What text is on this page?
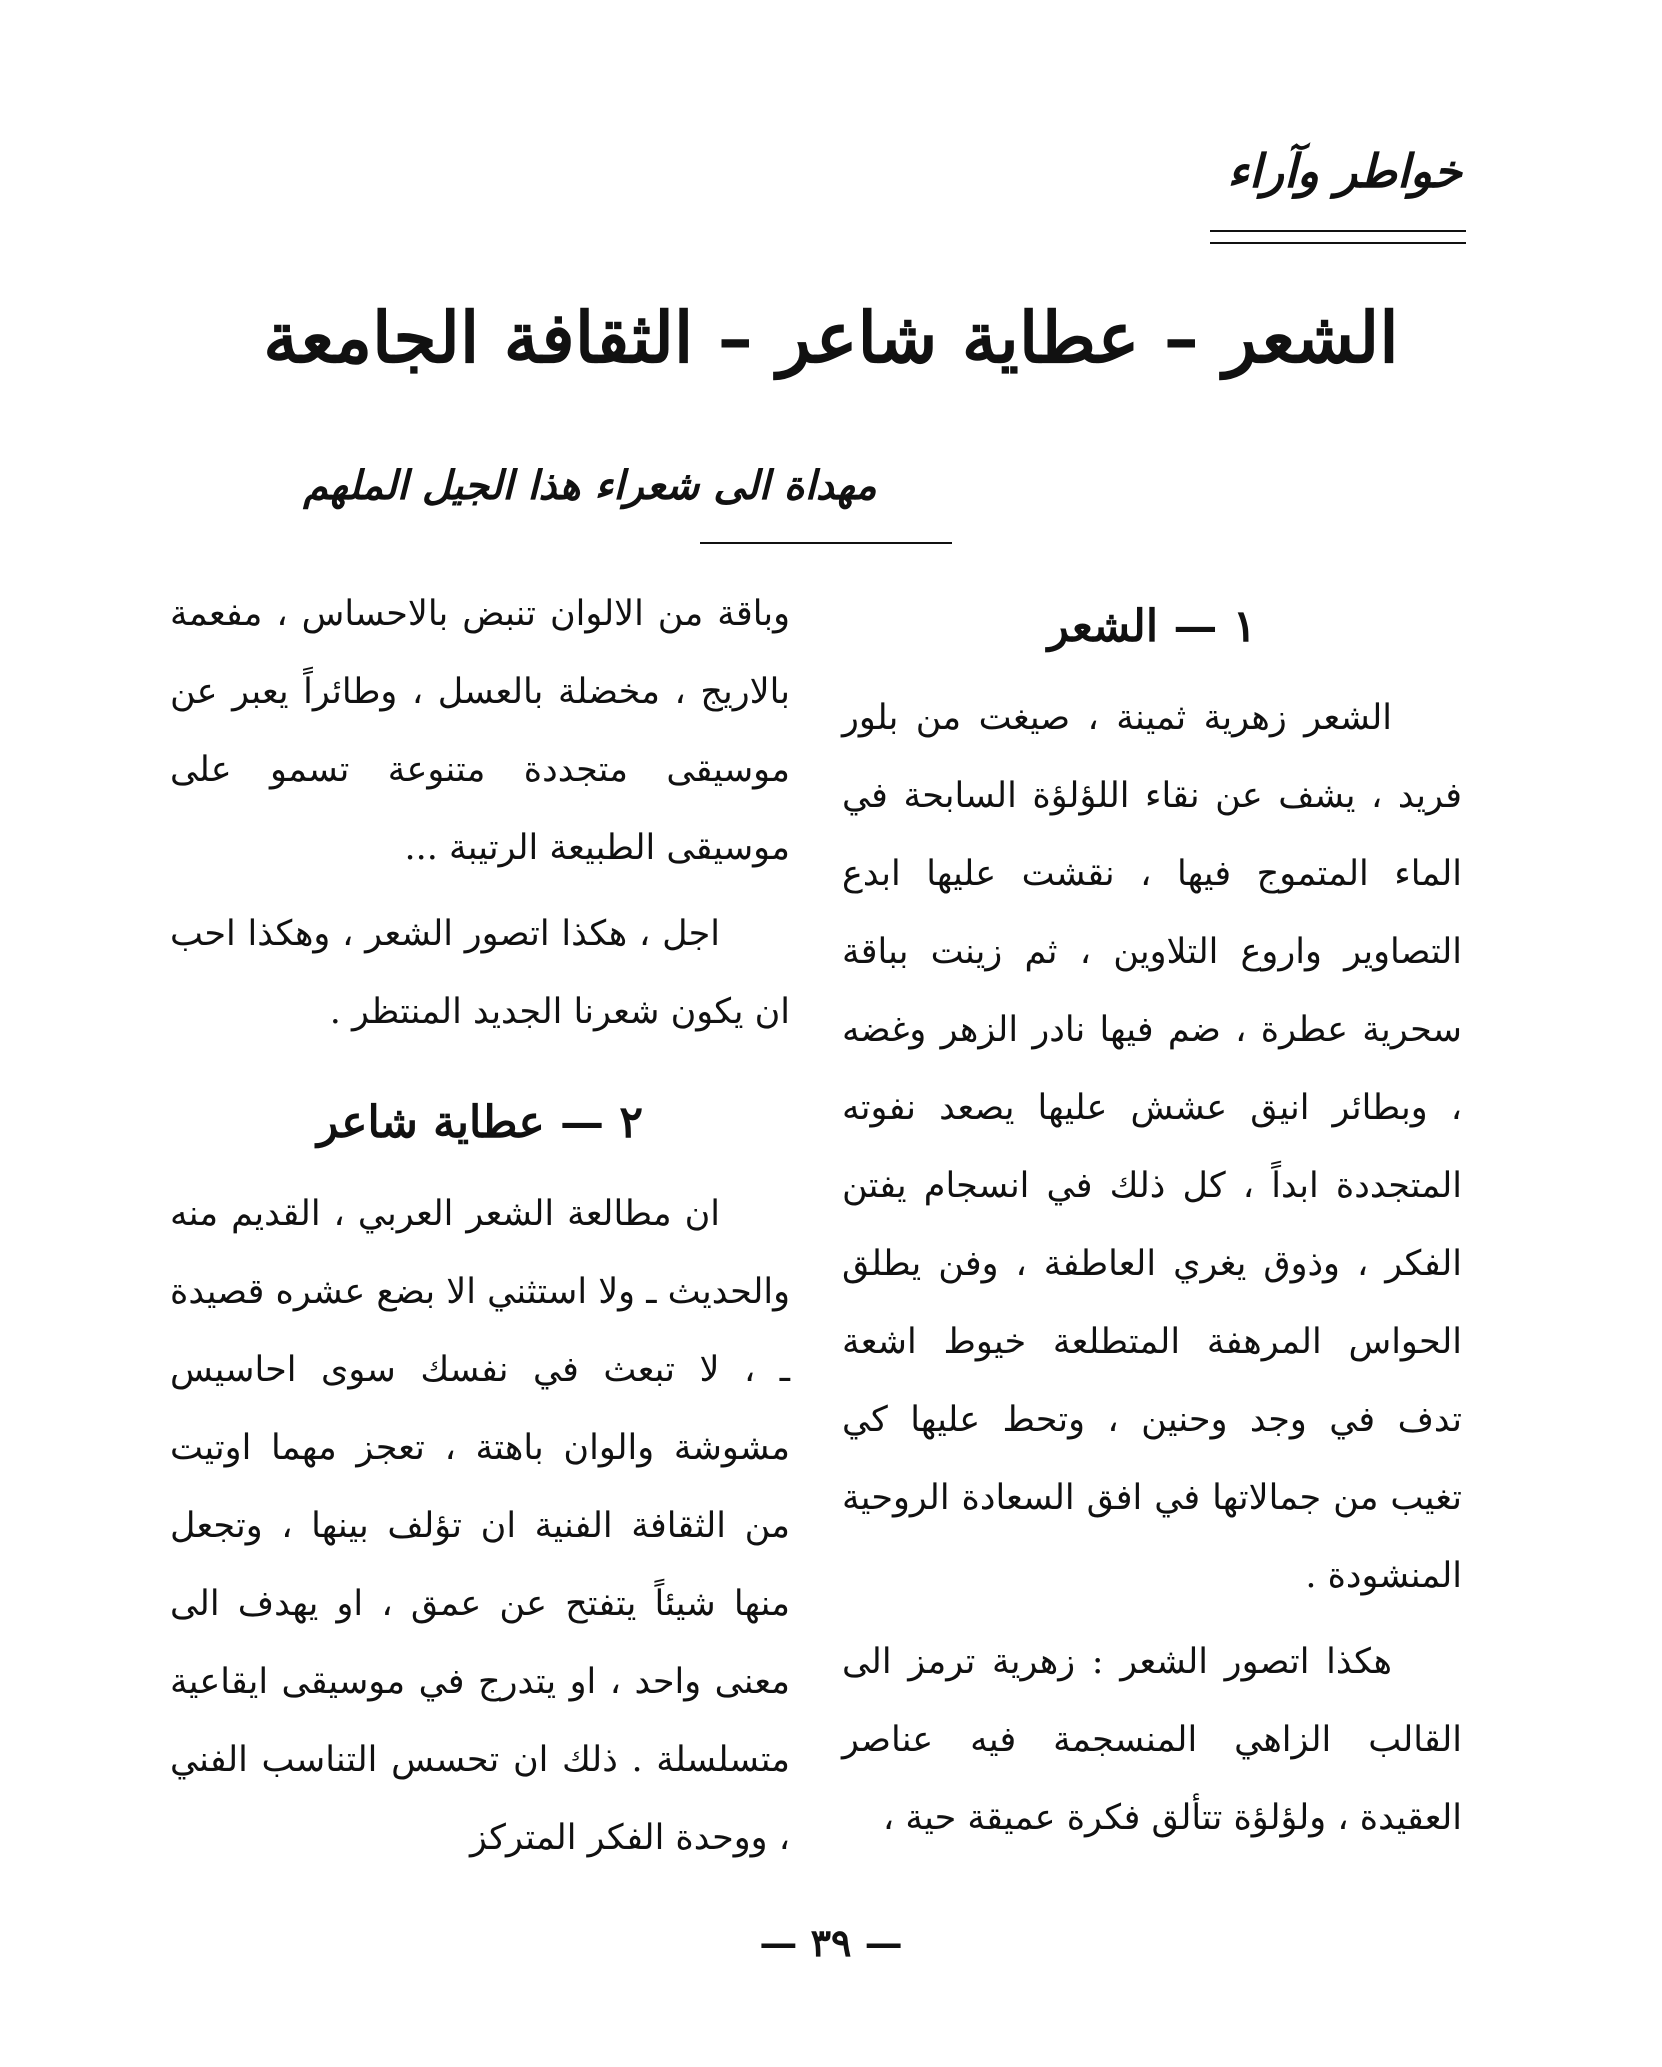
خواطر وآراء
الشعر – عطاية شاعر – الثقافة الجامعة
مهداة الى شعراء هذا الجيل الملهم
١ — الشعر

الشعر زهرية ثمينة ، صيغت من بلور فريد ، يشف عن نقاء اللؤلؤة السابحة في الماء المتموج فيها ، نقشت عليها ابدع التصاوير واروع التلاوين ، ثم زينت بباقة سحرية عطرة ، ضم فيها نادر الزهر وغضه ، وبطائر انيق عشش عليها يصعد نفوته المتجددة ابداً ، كل ذلك في انسجام يفتن الفكر ، وذوق يغري العاطفة ، وفن يطلق الحواس المرهفة المتطلعة خيوط اشعة تدف في وجد وحنين ، وتحط عليها كي تغيب من جمالاتها في افق السعادة الروحية المنشودة .

هكذا اتصور الشعر : زهرية ترمز الى القالب الزاهي المنسجمة فيه عناصر العقيدة ، ولؤلؤة تتألق فكرة عميقة حية ،

وباقة من الالوان تنبض بالاحساس ، مفعمة بالاريج ، مخضلة بالعسل ، وطائراً يعبر عن موسيقى متجددة متنوعة تسمو على موسيقى الطبيعة الرتيبة ...

اجل ، هكذا اتصور الشعر ، وهكذا احب ان يكون شعرنا الجديد المنتظر .

٢ — عطاية شاعر

ان مطالعة الشعر العربي ، القديم منه والحديث ـ ولا استثني الا بضع عشره قصيدة ـ ، لا تبعث في نفسك سوى احاسيس مشوشة والوان باهتة ، تعجز مهما اوتيت من الثقافة الفنية ان تؤلف بينها ، وتجعل منها شيئاً يتفتح عن عمق ، او يهدف الى معنى واحد ، او يتدرج في موسيقى ايقاعية متسلسلة . ذلك ان تحسس التناسب الفني ، ووحدة الفكر المتركز

— ٣٩ —
